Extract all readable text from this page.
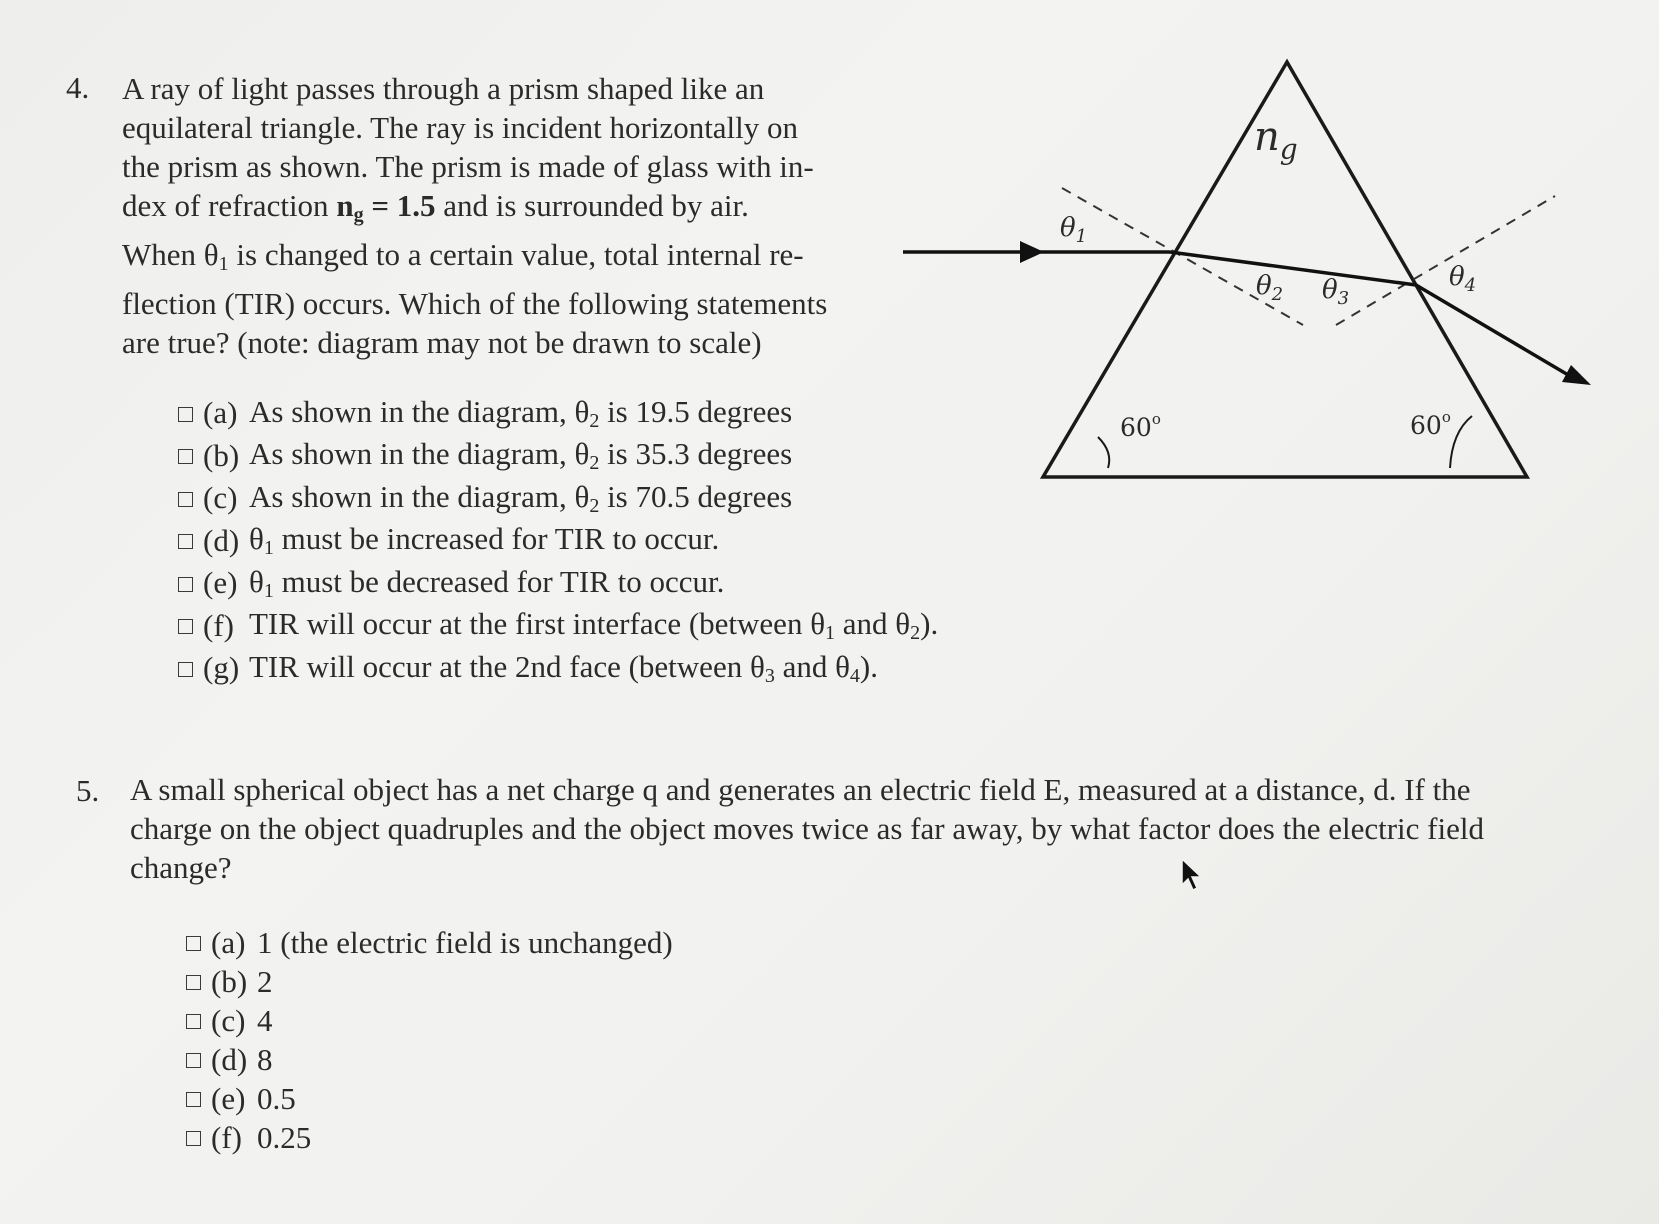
4. A ray of light passes through a prism shaped like an
equilateral triangle. The ray is incident horizontally on
the prism as shown. The prism is made of glass with in-
dex of refraction $n_g = 1.5$ and is surrounded by air.
When $\theta_1$ is changed to a certain value, total internal re-
flection (TIR) occurs. Which of the following statements
are true? (note: diagram may not be drawn to scale)
(a) As shown in the diagram, $\theta_2$ is 19.5 degrees
(b) As shown in the diagram, $\theta_2$ is 35.3 degrees
(c) As shown in the diagram, $\theta_2$ is 70.5 degrees
(d) $\theta_1$ must be increased for TIR to occur.
(e) $\theta_1$ must be decreased for TIR to occur.
(f) TIR will occur at the first interface (between $\theta_1$ and $\theta_2$).
(g) TIR will occur at the 2nd face (between $\theta_3$ and $\theta_4$).
$n_g$
$\theta_1$
$\theta_2$ $\theta_3$
$\theta_4$
60$^o$	60$^o$
5. A small spherical object has a net charge q and generates an electric field E, measured at a distance, d. If the
charge on the object quadruples and the object moves twice as far away, by what factor does the electric field
change?
(a) 1 (the electric field is unchanged)
(b) 2
(c) 4
(d) 8
(e) 0.5
(f) 0.25
